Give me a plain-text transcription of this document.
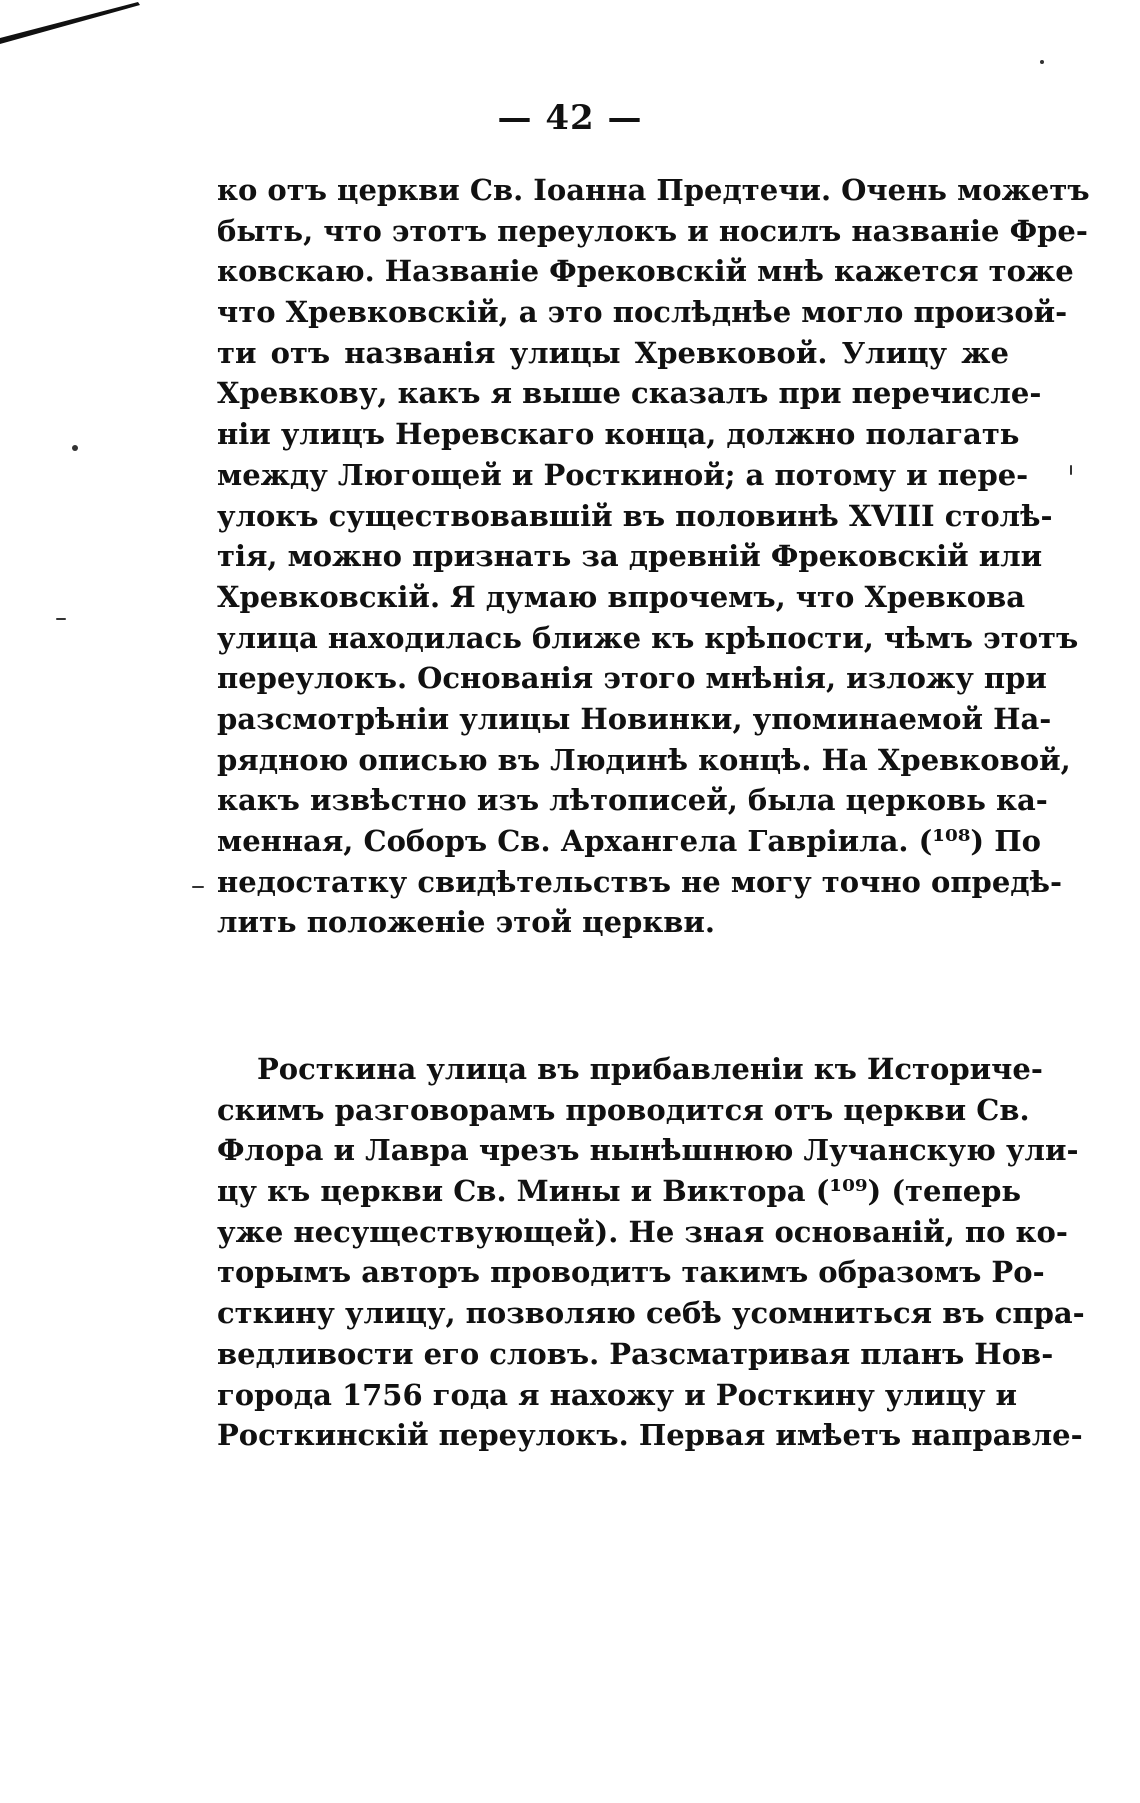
— 42 —
ко отъ церкви Св. Іоанна Предтечи. Очень можетъ
быть, что этотъ переулокъ и носилъ названіе Фре-
ковскаю. Названіе Фрековскій мнѣ кажется тоже
что Хревковскій, а это послѣднѣе могло произой-
ти отъ названія улицы Хревковой. Улицу же
Хревкову, какъ я выше сказалъ при перечисле-
ніи улицъ Неревскаго конца, должно полагать
между Люгощей и Росткиной; а потому и пере-
улокъ существовавшій въ половинѣ XVIII столѣ-
тія, можно признать за древній Фрековскій или
Хревковскій. Я думаю впрочемъ, что Хревкова
улица находилась ближе къ крѣпости, чѣмъ этотъ
переулокъ. Основанія этого мнѣнія, изложу при
разсмотрѣніи улицы Новинки, упоминаемой На-
рядною описью въ Людинѣ концѣ. На Хревковой,
какъ извѣстно изъ лѣтописей, была церковь ка-
менная, Соборъ Св. Архангела Гавріила. (¹⁰⁸) По
недостатку свидѣтельствъ не могу точно опредѣ-
лить положеніе этой церкви.
Росткина улица въ прибавленіи къ Историче-
скимъ разговорамъ проводится отъ церкви Св.
Флора и Лавра чрезъ нынѣшнюю Лучанскую ули-
цу къ церкви Св. Мины и Виктора (¹⁰⁹) (теперь
уже несуществующей). Не зная основаній, по ко-
торымъ авторъ проводитъ такимъ образомъ Ро-
сткину улицу, позволяю себѣ усомниться въ спра-
ведливости его словъ. Разсматривая планъ Нов-
города 1756 года я нахожу и Росткину улицу и
Росткинскій переулокъ. Первая имѣетъ направле-
